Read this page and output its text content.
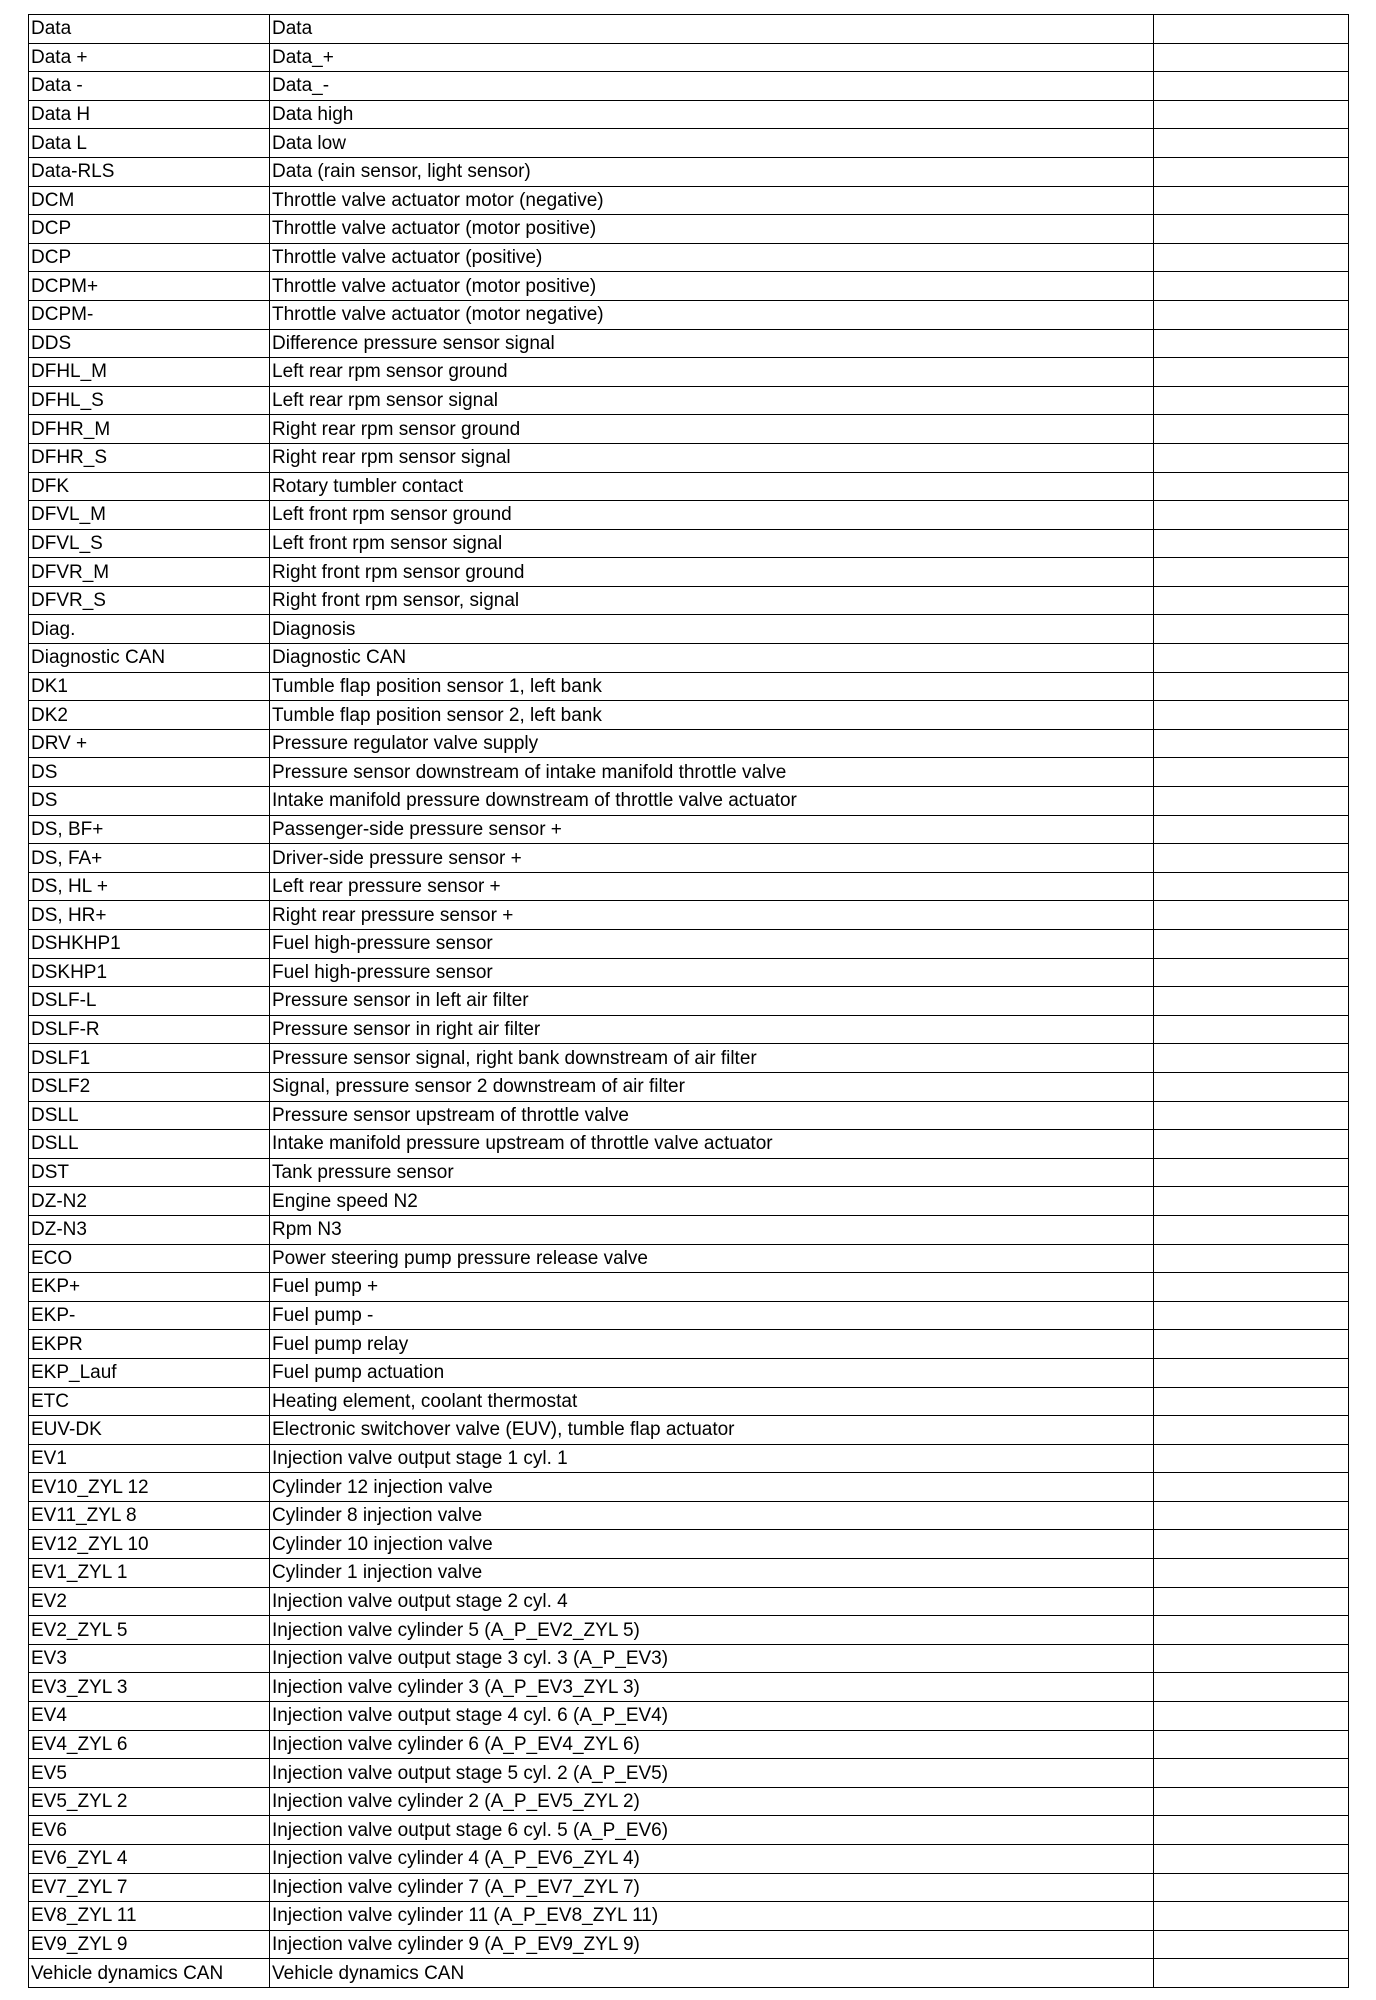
Data	Data	
Data +	Data_+	
Data -	Data_-	
Data H	Data high	
Data L	Data low	
Data-RLS	Data (rain sensor, light sensor)	
DCM	Throttle valve actuator motor (negative)	
DCP	Throttle valve actuator (motor positive)	
DCP	Throttle valve actuator (positive)	
DCPM+	Throttle valve actuator (motor positive)	
DCPM-	Throttle valve actuator (motor negative)	
DDS	Difference pressure sensor signal	
DFHL_M	Left rear rpm sensor ground	
DFHL_S	Left rear rpm sensor signal	
DFHR_M	Right rear rpm sensor ground	
DFHR_S	Right rear rpm sensor signal	
DFK	Rotary tumbler contact	
DFVL_M	Left front rpm sensor ground	
DFVL_S	Left front rpm sensor signal	
DFVR_M	Right front rpm sensor ground	
DFVR_S	Right front rpm sensor, signal	
Diag.	Diagnosis	
Diagnostic CAN	Diagnostic CAN	
DK1	Tumble flap position sensor 1, left bank	
DK2	Tumble flap position sensor 2, left bank	
DRV +	Pressure regulator valve supply	
DS	Pressure sensor downstream of intake manifold throttle valve	
DS	Intake manifold pressure downstream of throttle valve actuator	
DS, BF+	Passenger-side pressure sensor +	
DS, FA+	Driver-side pressure sensor +	
DS, HL +	Left rear pressure sensor +	
DS, HR+	Right rear pressure sensor +	
DSHKHP1	Fuel high-pressure sensor	
DSKHP1	Fuel high-pressure sensor	
DSLF-L	Pressure sensor in left air filter	
DSLF-R	Pressure sensor in right air filter	
DSLF1	Pressure sensor signal, right bank downstream of air filter	
DSLF2	Signal, pressure sensor 2 downstream of air filter	
DSLL	Pressure sensor upstream of throttle valve	
DSLL	Intake manifold pressure upstream of throttle valve actuator	
DST	Tank pressure sensor	
DZ-N2	Engine speed N2	
DZ-N3	Rpm N3	
ECO	Power steering pump pressure release valve	
EKP+	Fuel pump +	
EKP-	Fuel pump -	
EKPR	Fuel pump relay	
EKP_Lauf	Fuel pump actuation	
ETC	Heating element, coolant thermostat	
EUV-DK	Electronic switchover valve (EUV), tumble flap actuator	
EV1	Injection valve output stage 1 cyl. 1	
EV10_ZYL 12	Cylinder 12 injection valve	
EV11_ZYL 8	Cylinder 8 injection valve	
EV12_ZYL 10	Cylinder 10 injection valve	
EV1_ZYL 1	Cylinder 1 injection valve	
EV2	Injection valve output stage 2 cyl. 4	
EV2_ZYL 5	Injection valve cylinder 5 (A_P_EV2_ZYL 5)	
EV3	Injection valve output stage 3 cyl. 3 (A_P_EV3)	
EV3_ZYL 3	Injection valve cylinder 3 (A_P_EV3_ZYL 3)	
EV4	Injection valve output stage 4 cyl. 6 (A_P_EV4)	
EV4_ZYL 6	Injection valve cylinder 6 (A_P_EV4_ZYL 6)	
EV5	Injection valve output stage 5 cyl. 2 (A_P_EV5)	
EV5_ZYL 2	Injection valve cylinder 2 (A_P_EV5_ZYL 2)	
EV6	Injection valve output stage 6 cyl. 5 (A_P_EV6)	
EV6_ZYL 4	Injection valve cylinder 4 (A_P_EV6_ZYL 4)	
EV7_ZYL 7	Injection valve cylinder 7 (A_P_EV7_ZYL 7)	
EV8_ZYL 11	Injection valve cylinder 11 (A_P_EV8_ZYL 11)	
EV9_ZYL 9	Injection valve cylinder 9 (A_P_EV9_ZYL 9)	
Vehicle dynamics CAN	Vehicle dynamics CAN	
